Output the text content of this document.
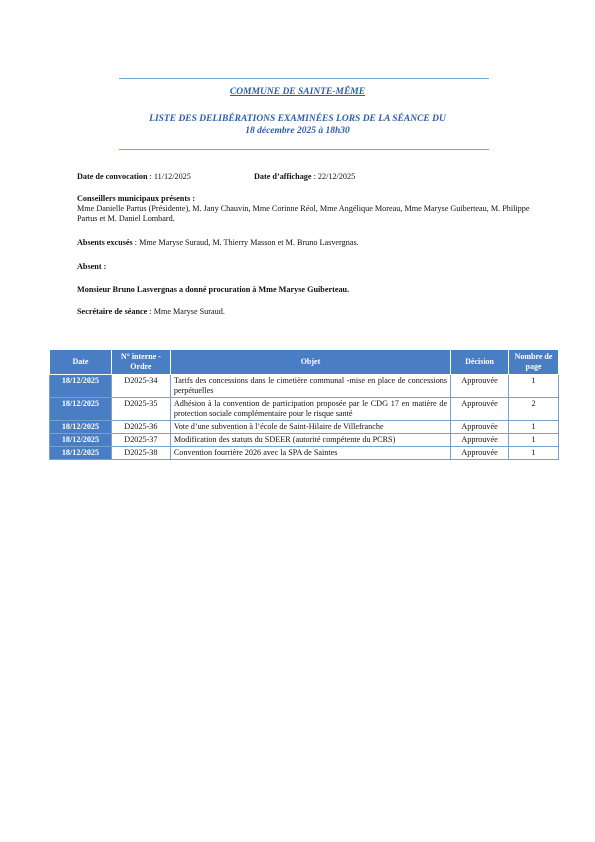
COMMUNE DE SAINTE-MÊME
LISTE DES DELIBÉRATIONS EXAMINÉES LORS DE LA SÉANCE DU
18 décembre 2025 à 18h30
Date de convocation : 11/12/2025	Date d’affichage : 22/12/2025
Conseillers municipaux présents :
Mme Danielle Partus (Présidente), M. Jany Chauvin, Mme Corinne Réol, Mme Angélique Moreau, Mme Maryse Guiberteau, M. Philippe Partus et M. Daniel Lombard.
Absents excusés : Mme Maryse Suraud, M. Thierry Masson et M. Bruno Lasvergnas.
Absent :
Monsieur Bruno Lasvergnas a donné procuration à Mme Maryse Guiberteau.
Secrétaire de séance : Mme Maryse Suraud.
Date	N° interne - Ordre	Objet	Décision	Nombre de page
18/12/2025	D2025-34	Tarifs des concessions dans le cimetière communal -mise en place de concessions perpétuelles	Approuvée	1
18/12/2025	D2025-35	Adhésion à la convention de participation proposée par le CDG 17 en matière de protection sociale complémentaire pour le risque santé	Approuvée	2
18/12/2025	D2025-36	Vote d’une subvention à l’école de Saint-Hilaire de Villefranche	Approuvée	1
18/12/2025	D2025-37	Modification des statuts du SDEER (autorité compétente du PCRS)	Approuvée	1
18/12/2025	D2025-38	Convention fourrière 2026 avec la SPA de Saintes	Approuvée	1
